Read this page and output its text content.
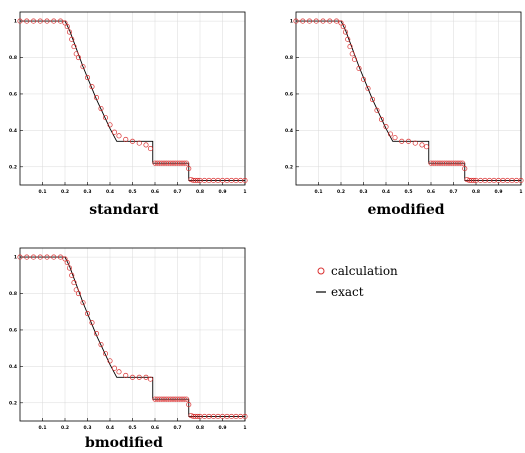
0.1	0.2	0.3	0.4	0.5	0.6	0.7	0.8	0.9	1
0.2
0.4
0.6
0.8
1
standard
0.1	0.2	0.3	0.4	0.5	0.6	0.7	0.8	0.9	1
0.2
0.4
0.6
0.8
1
emodified
0.1	0.2	0.3	0.4	0.5	0.6	0.7	0.8	0.9	1
0.2
0.4
0.6
0.8
1
bmodified
calculation
exact
